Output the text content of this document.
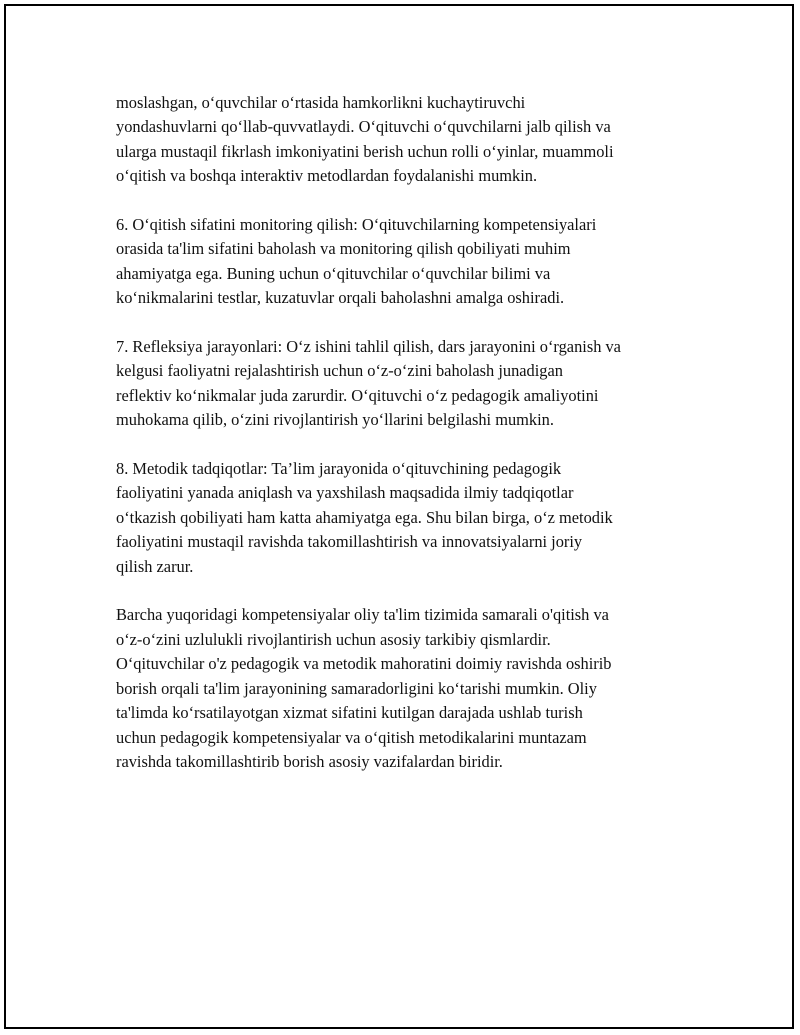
moslashgan, o‘quvchilar o‘rtasida hamkorlikni kuchaytiruvchi
yondashuvlarni qo‘llab-quvvatlaydi. O‘qituvchi o‘quvchilarni jalb qilish va
ularga mustaqil fikrlash imkoniyatini berish uchun rolli o‘yinlar, muammoli
o‘qitish va boshqa interaktiv metodlardan foydalanishi mumkin.

6. O‘qitish sifatini monitoring qilish: O‘qituvchilarning kompetensiyalari
orasida ta'lim sifatini baholash va monitoring qilish qobiliyati muhim
ahamiyatga ega. Buning uchun o‘qituvchilar o‘quvchilar bilimi va
ko‘nikmalarini testlar, kuzatuvlar orqali baholashni amalga oshiradi.

7. Refleksiya jarayonlari: O‘z ishini tahlil qilish, dars jarayonini o‘rganish va
kelgusi faoliyatni rejalashtirish uchun o‘z-o‘zini baholash junadigan
reflektiv ko‘nikmalar juda zarurdir. O‘qituvchi o‘z pedagogik amaliyotini
muhokama qilib, o‘zini rivojlantirish yo‘llarini belgilashi mumkin.

8. Metodik tadqiqotlar: Ta’lim jarayonida o‘qituvchining pedagogik
faoliyatini yanada aniqlash va yaxshilash maqsadida ilmiy tadqiqotlar
o‘tkazish qobiliyati ham katta ahamiyatga ega. Shu bilan birga, o‘z metodik
faoliyatini mustaqil ravishda takomillashtirish va innovatsiyalarni joriy
qilish zarur.

Barcha yuqoridagi kompetensiyalar oliy ta'lim tizimida samarali o'qitish va
o‘z-o‘zini uzlulukli rivojlantirish uchun asosiy tarkibiy qismlardir.
O‘qituvchilar o'z pedagogik va metodik mahoratini doimiy ravishda oshirib
borish orqali ta'lim jarayonining samaradorligini ko‘tarishi mumkin. Oliy
ta'limda ko‘rsatilayotgan xizmat sifatini kutilgan darajada ushlab turish
uchun pedagogik kompetensiyalar va o‘qitish metodikalarini muntazam
ravishda takomillashtirib borish asosiy vazifalardan biridir.
